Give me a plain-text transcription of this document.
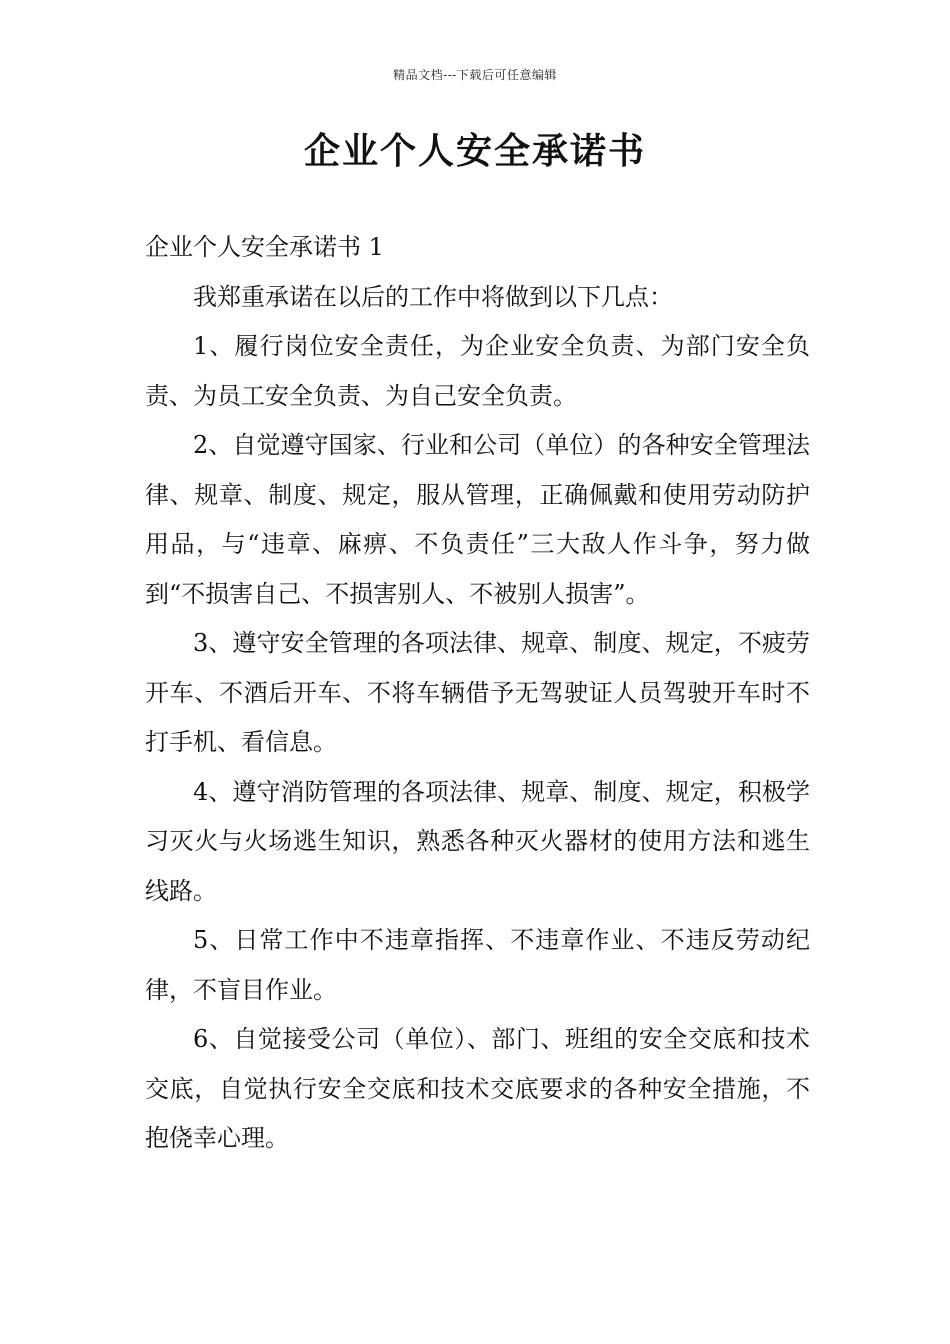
精品文档---下载后可任意编辑
企业个人安全承诺书

企业个人安全承诺书 1

我郑重承诺在以后的工作中将做到以下几点：

1、履行岗位安全责任，为企业安全负责、为部门安全负责、为员工安全负责、为自己安全负责。

2、自觉遵守国家、行业和公司（单位）的各种安全管理法律、规章、制度、规定，服从管理，正确佩戴和使用劳动防护用品，与“违章、麻痹、不负责任”三大敌人作斗争，努力做到“不损害自己、不损害别人、不被别人损害”。

3、遵守安全管理的各项法律、规章、制度、规定，不疲劳开车、不酒后开车、不将车辆借予无驾驶证人员驾驶开车时不打手机、看信息。

4、遵守消防管理的各项法律、规章、制度、规定，积极学习灭火与火场逃生知识，熟悉各种灭火器材的使用方法和逃生线路。

5、日常工作中不违章指挥、不违章作业、不违反劳动纪律，不盲目作业。

6、自觉接受公司（单位）、部门、班组的安全交底和技术交底，自觉执行安全交底和技术交底要求的各种安全措施，不抱侥幸心理。
